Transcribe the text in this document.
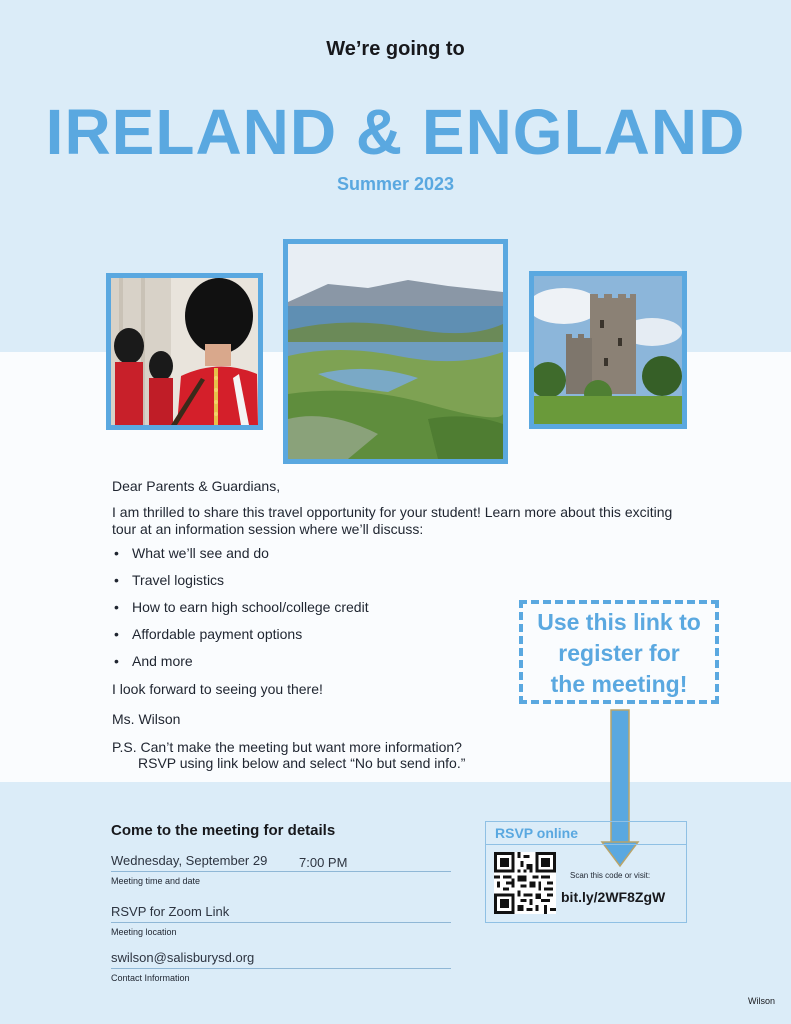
We’re going to
IRELAND & ENGLAND
Summer 2023

Dear Parents & Guardians,

I am thrilled to share this travel opportunity for your student! Learn more about this exciting tour at an information session where we’ll discuss:

• What we’ll see and do
• Travel logistics
• How to earn high school/college credit
• Affordable payment options
• And more

I look forward to seeing you there!

Ms. Wilson

P.S. Can’t make the meeting but want more information?

RSVP using link below and select “No but send info.”

Use this link to
register for
the meeting!
Come to the meeting for details
Wednesday, September 29 7:00 PM
Meeting time and date
RSVP for Zoom Link
Meeting location
swilson@salisburysd.org
Contact Information
RSVP online
Scan this code or visit:
bit.ly/2WF8ZgW
Wilson
